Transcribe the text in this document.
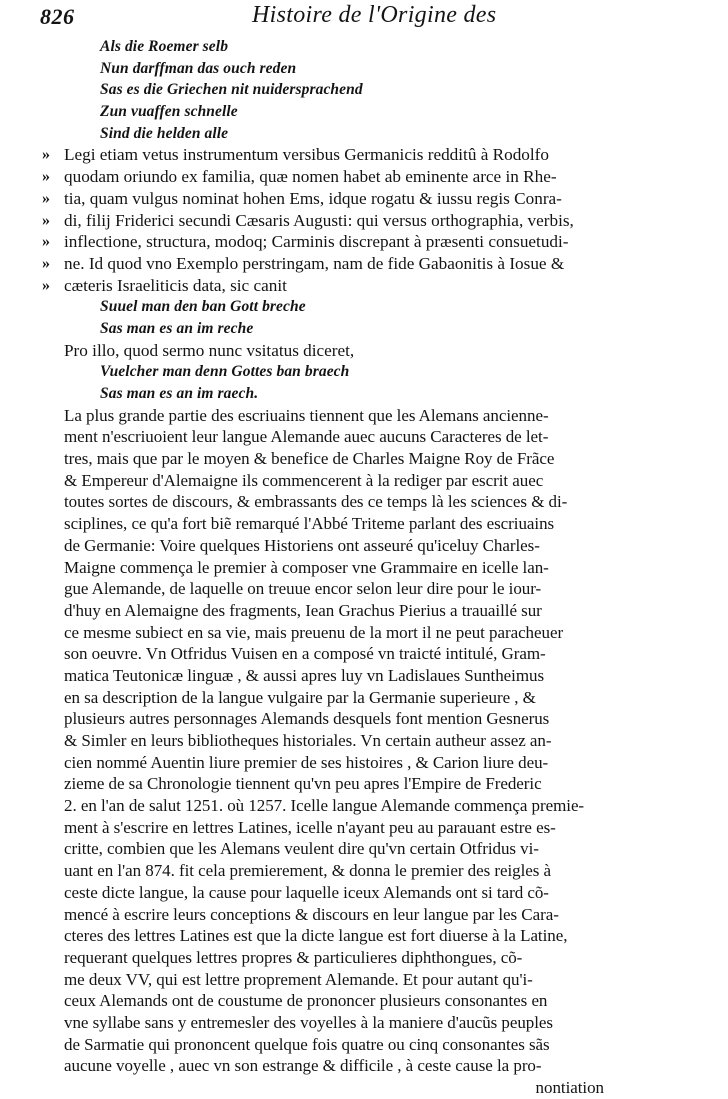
826	Histoire de l'Origine des
Als die Roemer selb
Nun darffman das ouch reden
Sas es die Griechen nit nuidersprachend
Zun vuaffen schnelle
Sind die helden alle
» Legi etiam vetus instrumentum versibus Germanicis redditû à Rodolfo
» quodam oriundo ex familia, quæ nomen habet ab eminente arce in Rhe-
» tia, quam vulgus nominat hohen Ems, idque rogatu & iussu regis Conra-
» di, filij Friderici secundi Cæsaris Augusti: qui versus orthographia, verbis,
» inflectione, structura, modoq; Carminis discrepant à præsenti consuetudi-
» ne. Id quod vno Exemplo perstringam, nam de fide Gabaonitis à Iosue &
» cæteris Israeliticis data, sic canit
Suuel man den ban Gott breche
Sas man es an im reche
Pro illo, quod sermo nunc vsitatus diceret,
Vuelcher man denn Gottes ban braech
Sas man es an im raech.
La plus grande partie des escriuains tiennent que les Alemans ancienne-
ment n'escriuoient leur langue Alemande auec aucuns Caracteres de let-
tres, mais que par le moyen & benefice de Charles Maigne Roy de Frãce
& Empereur d'Alemaigne ils commencerent à la rediger par escrit auec
toutes sortes de discours, & embrassants des ce temps là les sciences & di-
sciplines, ce qu'a fort biẽ remarqué l'Abbé Triteme parlant des escriuains
de Germanie: Voire quelques Historiens ont asseuré qu'iceluy Charles-
Maigne commença le premier à composer vne Grammaire en icelle lan-
gue Alemande, de laquelle on treuue encor selon leur dire pour le iour-
d'huy en Alemaigne des fragments, Iean Grachus Pierius a trauaillé sur
ce mesme subiect en sa vie, mais preuenu de la mort il ne peut paracheuer
son oeuvre. Vn Otfridus Vuisen en a composé vn traicté intitulé, Gram-
matica Teutonicæ linguæ , & aussi apres luy vn Ladislaues Suntheimus
en sa description de la langue vulgaire par la Germanie superieure , &
plusieurs autres personnages Alemands desquels font mention Gesnerus
& Simler en leurs bibliotheques historiales. Vn certain autheur assez an-
cien nommé Auentin liure premier de ses histoires , & Carion liure deu-
zieme de sa Chronologie tiennent qu'vn peu apres l'Empire de Frederic
2. en l'an de salut 1251. où 1257. Icelle langue Alemande commença premie-
ment à s'escrire en lettres Latines, icelle n'ayant peu au parauant estre es-
critte, combien que les Alemans veulent dire qu'vn certain Otfridus vi-
uant en l'an 874. fit cela premierement, & donna le premier des reigles à
ceste dicte langue, la cause pour laquelle iceux Alemands ont si tard cõ-
mencé à escrire leurs conceptions & discours en leur langue par les Cara-
cteres des lettres Latines est que la dicte langue est fort diuerse à la Latine,
requerant quelques lettres propres & particulieres diphthongues, cõ-
me deux VV, qui est lettre proprement Alemande. Et pour autant qu'i-
ceux Alemands ont de coustume de prononcer plusieurs consonantes en
vne syllabe sans y entremesler des voyelles à la maniere d'aucũs peuples
de Sarmatie qui prononcent quelque fois quatre ou cinq consonantes sãs
aucune voyelle , auec vn son estrange & difficile , à ceste cause la pro-
nontiation
